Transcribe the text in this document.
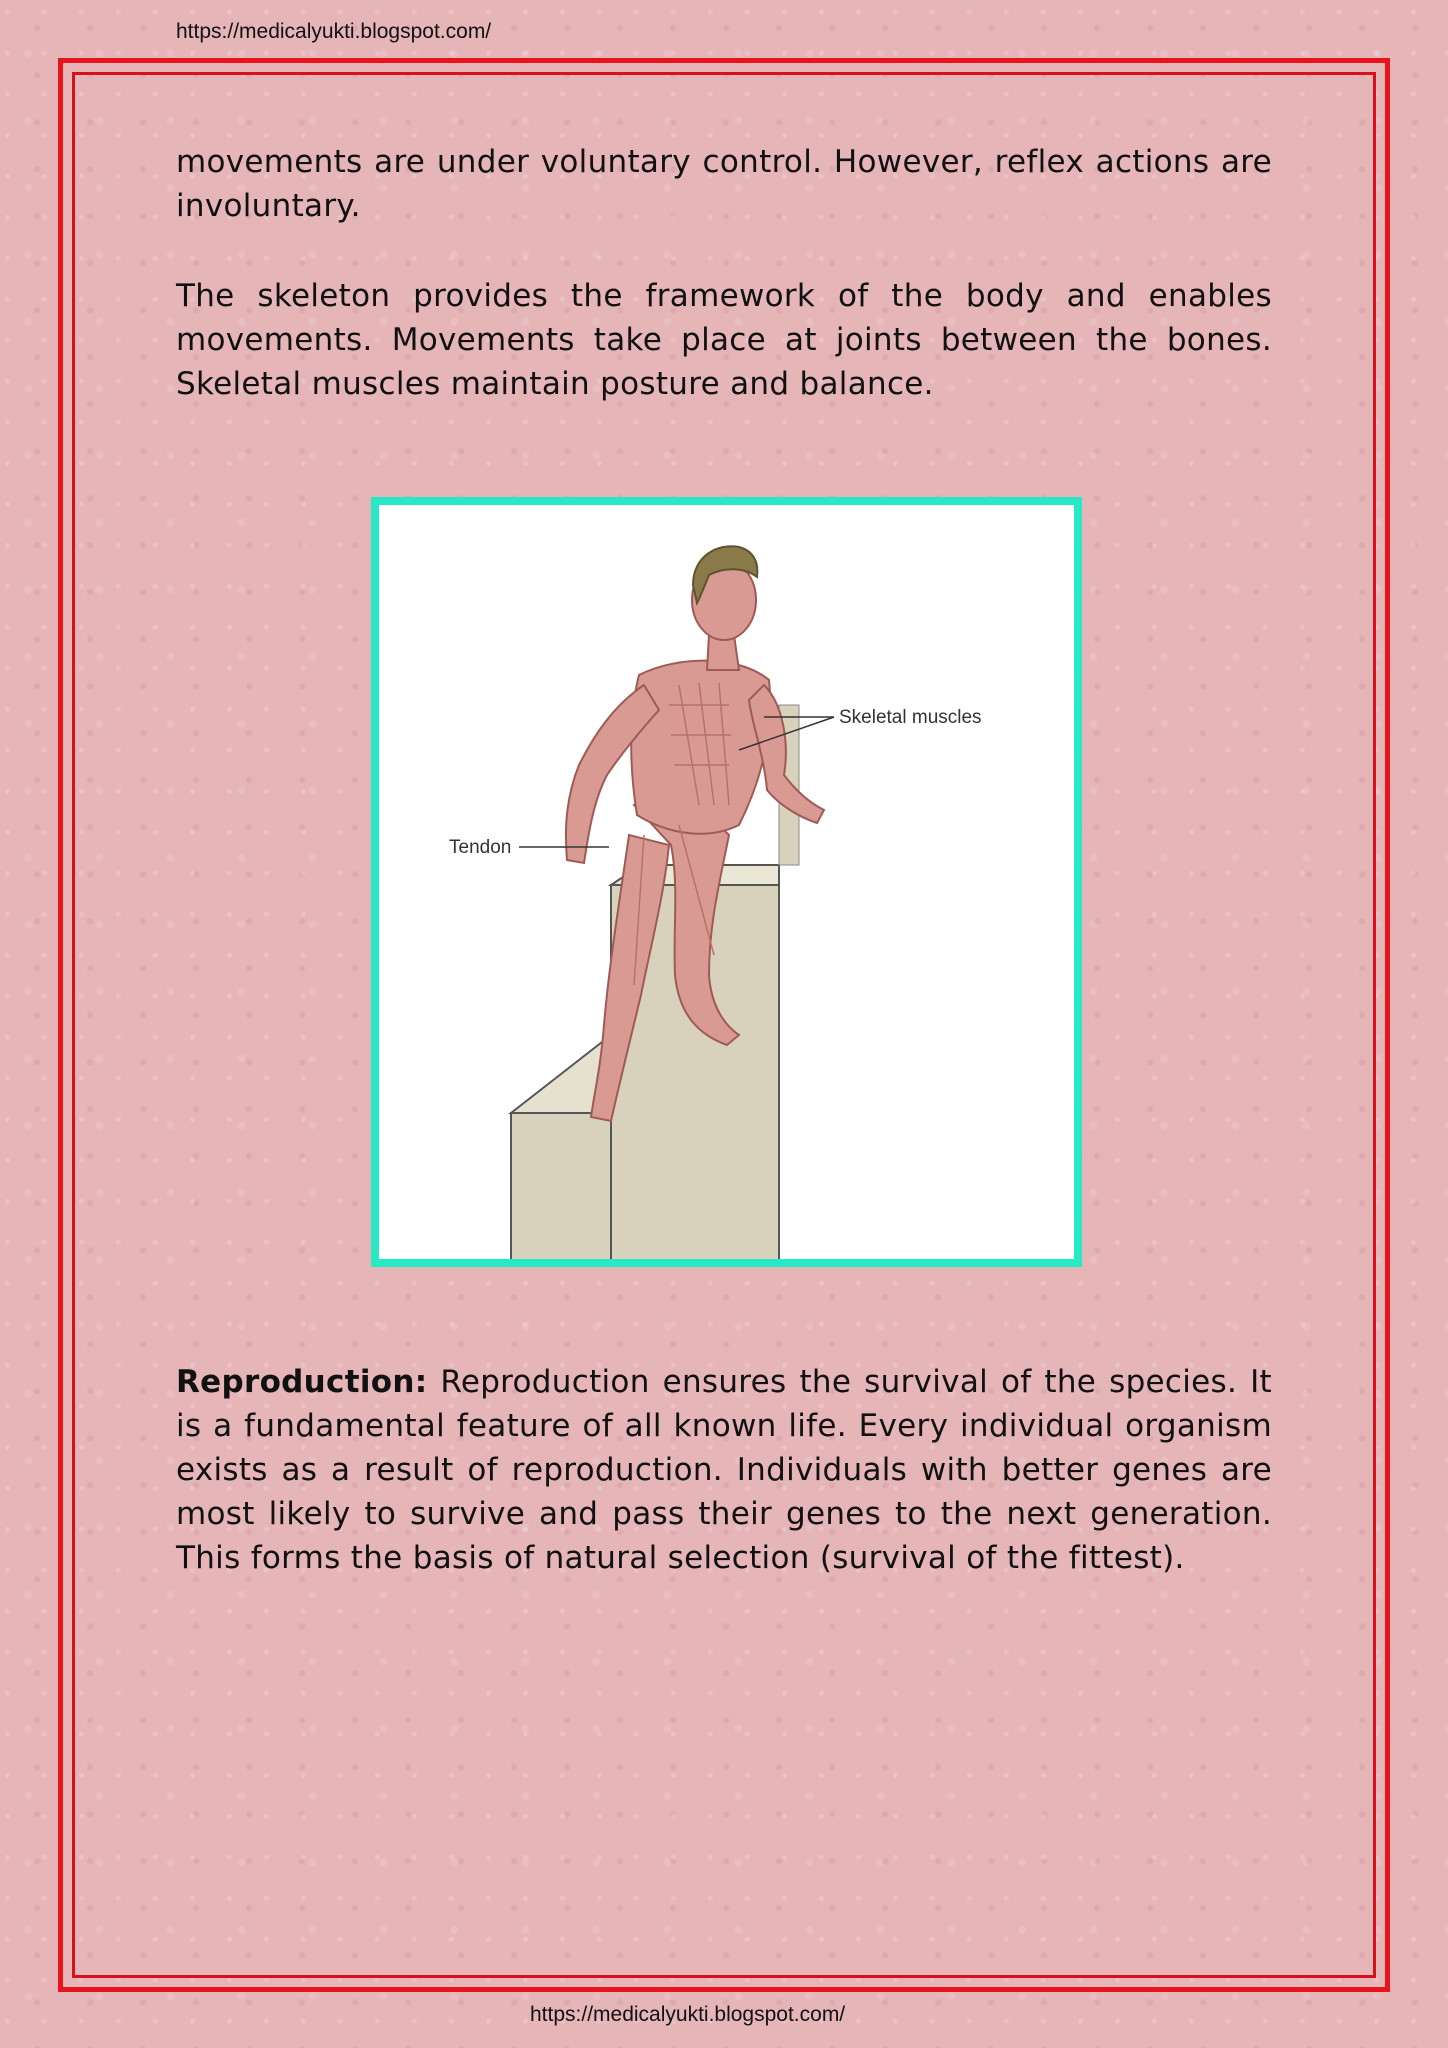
https://medicalyukti.blogspot.com/

movements are under voluntary control. However, reflex actions are involuntary.

The skeleton provides the framework of the body and enables movements. Movements take place at joints between the bones. Skeletal muscles maintain posture and balance.

Skeletal muscles
Tendon

Reproduction: Reproduction ensures the survival of the species. It is a fundamental feature of all known life. Every individual organism exists as a result of reproduction. Individuals with better genes are most likely to survive and pass their genes to the next generation. This forms the basis of natural selection (survival of the fittest).

https://medicalyukti.blogspot.com/
